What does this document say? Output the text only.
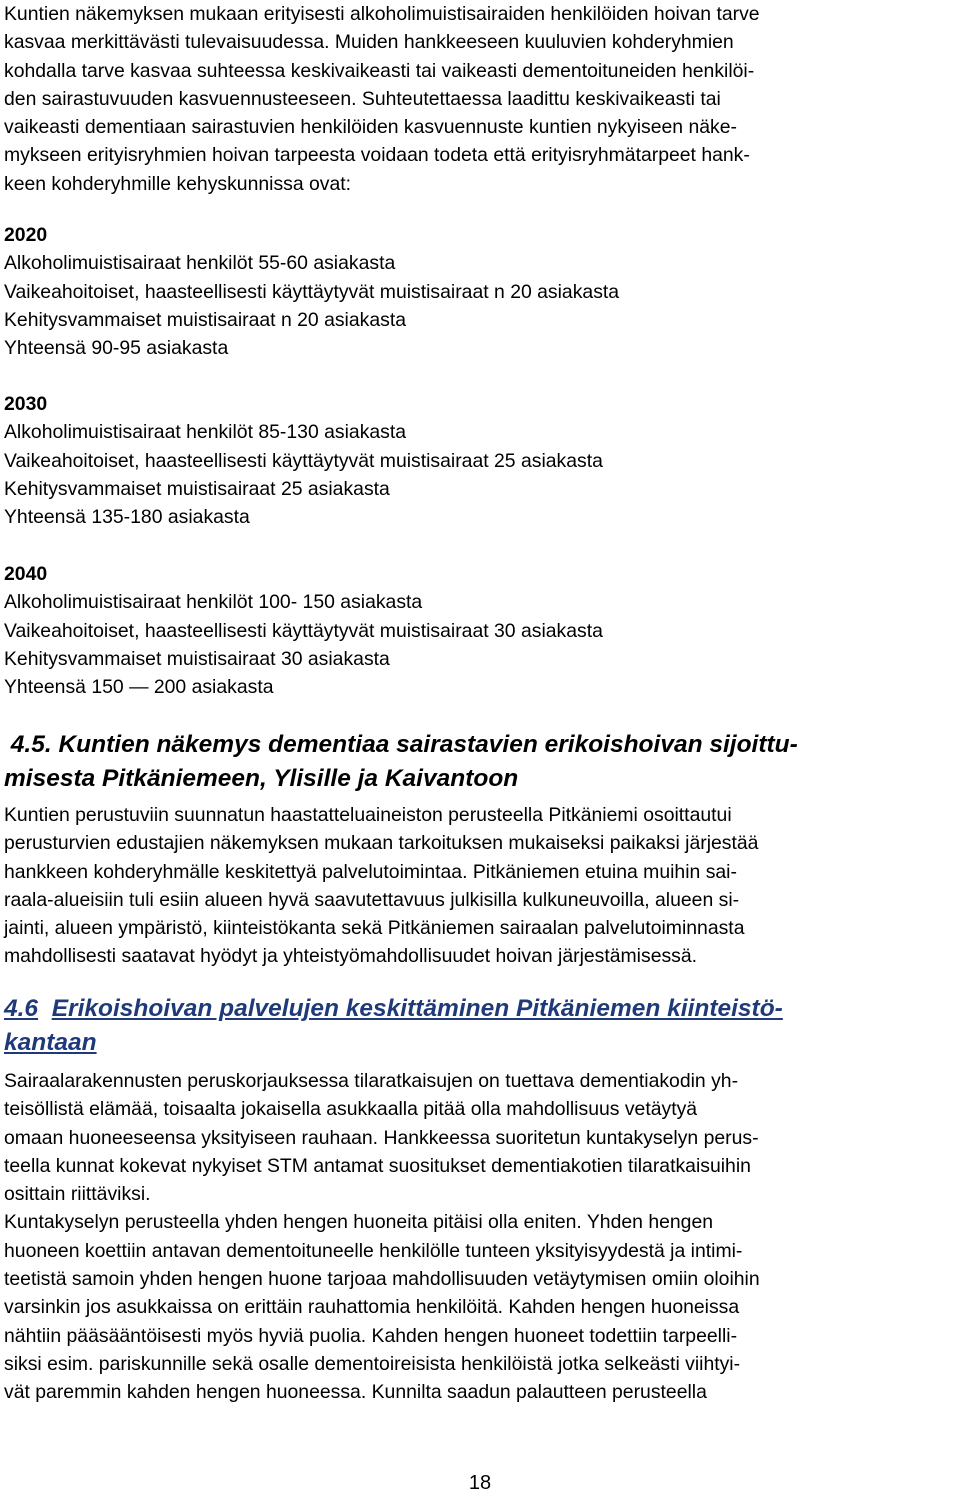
Kuntien näkemyksen mukaan erityisesti alkoholimuistisairaiden henkilöiden hoivan tarve
kasvaa merkittävästi tulevaisuudessa. Muiden hankkeeseen kuuluvien kohderyhmien
kohdalla tarve kasvaa suhteessa keskivaikeasti tai vaikeasti dementoituneiden henkilöi-
den sairastuvuuden kasvuennusteeseen. Suhteutettaessa laadittu keskivaikeasti tai
vaikeasti dementiaan sairastuvien henkilöiden kasvuennuste kuntien nykyiseen näke-
mykseen erityisryhmien hoivan tarpeesta voidaan todeta että erityisryhmätarpeet hank-
keen kohderyhmille kehyskunnissa ovat:
2020
Alkoholimuistisairaat henkilöt 55-60 asiakasta
Vaikeahoitoiset, haasteellisesti käyttäytyvät muistisairaat n 20 asiakasta
Kehitysvammaiset muistisairaat n 20 asiakasta
Yhteensä 90-95 asiakasta
2030
Alkoholimuistisairaat henkilöt 85-130 asiakasta
Vaikeahoitoiset, haasteellisesti käyttäytyvät muistisairaat 25 asiakasta
Kehitysvammaiset muistisairaat 25 asiakasta
Yhteensä 135-180 asiakasta
2040
Alkoholimuistisairaat henkilöt 100- 150 asiakasta
Vaikeahoitoiset, haasteellisesti käyttäytyvät muistisairaat 30 asiakasta
Kehitysvammaiset muistisairaat 30 asiakasta
Yhteensä 150 — 200 asiakasta
4.5. Kuntien näkemys dementiaa sairastavien erikoishoivan sijoittu-
misesta Pitkäniemeen, Ylisille ja Kaivantoon
Kuntien perustuviin suunnatun haastatteluaineiston perusteella Pitkäniemi osoittautui
perusturvien edustajien näkemyksen mukaan tarkoituksen mukaiseksi paikaksi järjestää
hankkeen kohderyhmälle keskitettyä palvelutoimintaa. Pitkäniemen etuina muihin sai-
raala-alueisiin tuli esiin alueen hyvä saavutettavuus julkisilla kulkuneuvoilla, alueen si-
jainti, alueen ympäristö, kiinteistökanta sekä Pitkäniemen sairaalan palvelutoiminnasta
mahdollisesti saatavat hyödyt ja yhteistyömahdollisuudet hoivan järjestämisessä.
4.6 Erikoishoivan palvelujen keskittäminen Pitkäniemen kiinteistö-
kantaan
Sairaalarakennusten peruskorjauksessa tilaratkaisujen on tuettava dementiakodin yh-
teisöllistä elämää, toisaalta jokaisella asukkaalla pitää olla mahdollisuus vetäytyä
omaan huoneeseensa yksityiseen rauhaan. Hankkeessa suoritetun kuntakyselyn perus-
teella kunnat kokevat nykyiset STM antamat suositukset dementiakotien tilaratkaisuihin
osittain riittäviksi.
Kuntakyselyn perusteella yhden hengen huoneita pitäisi olla eniten. Yhden hengen
huoneen koettiin antavan dementoituneelle henkilölle tunteen yksityisyydestä ja intimi-
teetistä samoin yhden hengen huone tarjoaa mahdollisuuden vetäytymisen omiin oloihin
varsinkin jos asukkaissa on erittäin rauhattomia henkilöitä. Kahden hengen huoneissa
nähtiin pääsääntöisesti myös hyviä puolia. Kahden hengen huoneet todettiin tarpeelli-
siksi esim. pariskunnille sekä osalle dementoireisista henkilöistä jotka selkeästi viihtyi-
vät paremmin kahden hengen huoneessa. Kunnilta saadun palautteen perusteella
18
